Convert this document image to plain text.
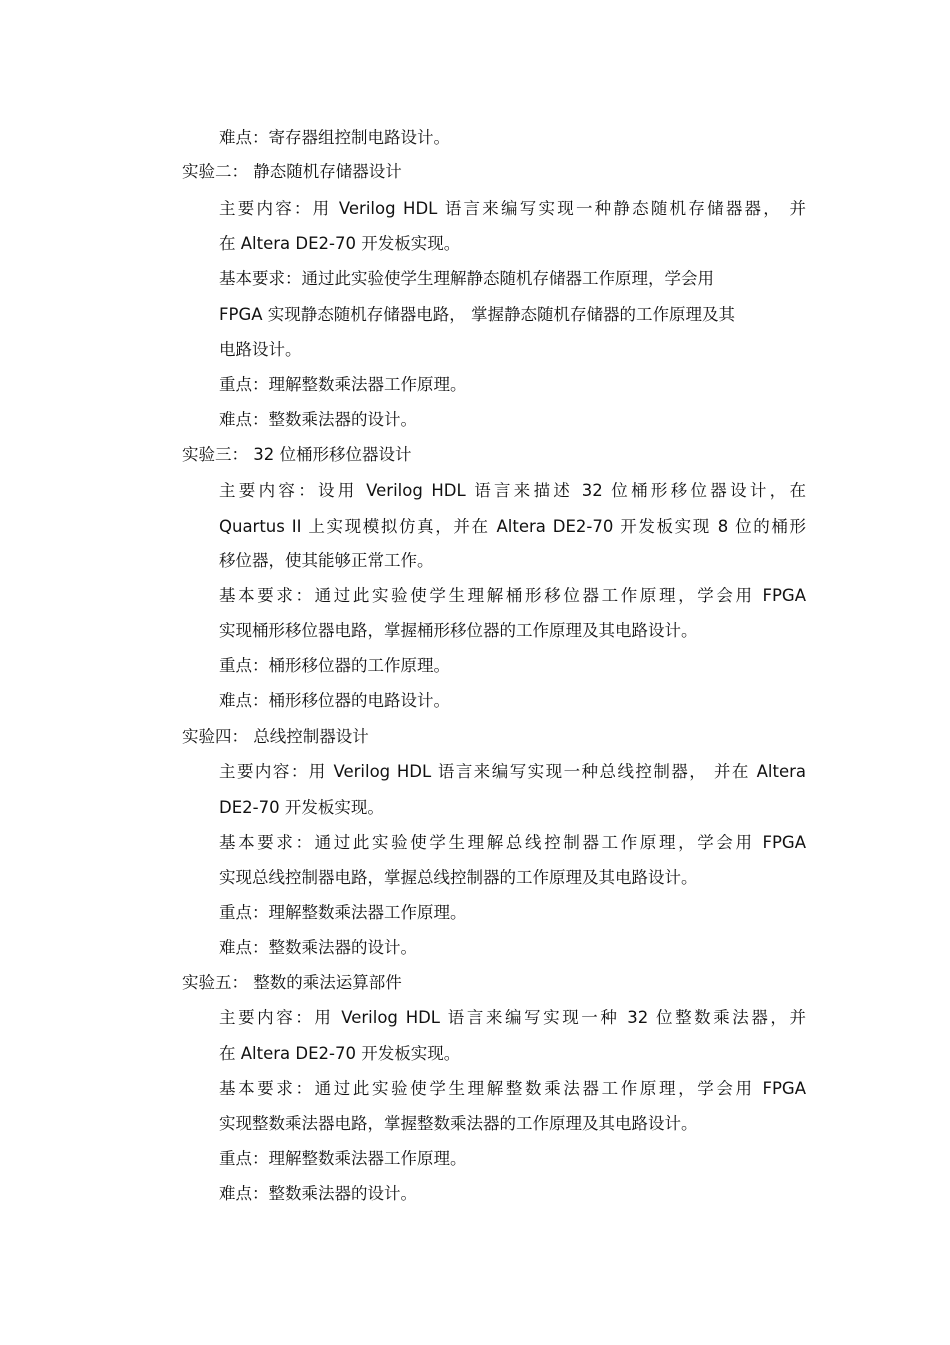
难点：寄存器组控制电路设计。
实验二： 静态随机存储器设计
主要内容：用 Verilog HDL 语言来编写实现一种静态随机存储器器， 并
在 Altera DE2-70 开发板实现。
基本要求：通过此实验使学生理解静态随机存储器工作原理，学会用
FPGA 实现静态随机存储器电路， 掌握静态随机存储器的工作原理及其
电路设计。
重点：理解整数乘法器工作原理。
难点：整数乘法器的设计。
实验三： 32 位桶形移位器设计
主要内容：设用 Verilog HDL 语言来描述 32 位桶形移位器设计，在
Quartus II 上实现模拟仿真，并在 Altera DE2-70 开发板实现 8 位的桶形
移位器，使其能够正常工作。
基本要求：通过此实验使学生理解桶形移位器工作原理，学会用 FPGA
实现桶形移位器电路，掌握桶形移位器的工作原理及其电路设计。
重点：桶形移位器的工作原理。
难点：桶形移位器的电路设计。
实验四： 总线控制器设计
主要内容：用 Verilog HDL 语言来编写实现一种总线控制器， 并在 Altera
DE2-70 开发板实现。
基本要求：通过此实验使学生理解总线控制器工作原理，学会用 FPGA
实现总线控制器电路，掌握总线控制器的工作原理及其电路设计。
重点：理解整数乘法器工作原理。
难点：整数乘法器的设计。
实验五： 整数的乘法运算部件
主要内容：用 Verilog HDL 语言来编写实现一种 32 位整数乘法器，并
在 Altera DE2-70 开发板实现。
基本要求：通过此实验使学生理解整数乘法器工作原理，学会用 FPGA
实现整数乘法器电路，掌握整数乘法器的工作原理及其电路设计。
重点：理解整数乘法器工作原理。
难点：整数乘法器的设计。
